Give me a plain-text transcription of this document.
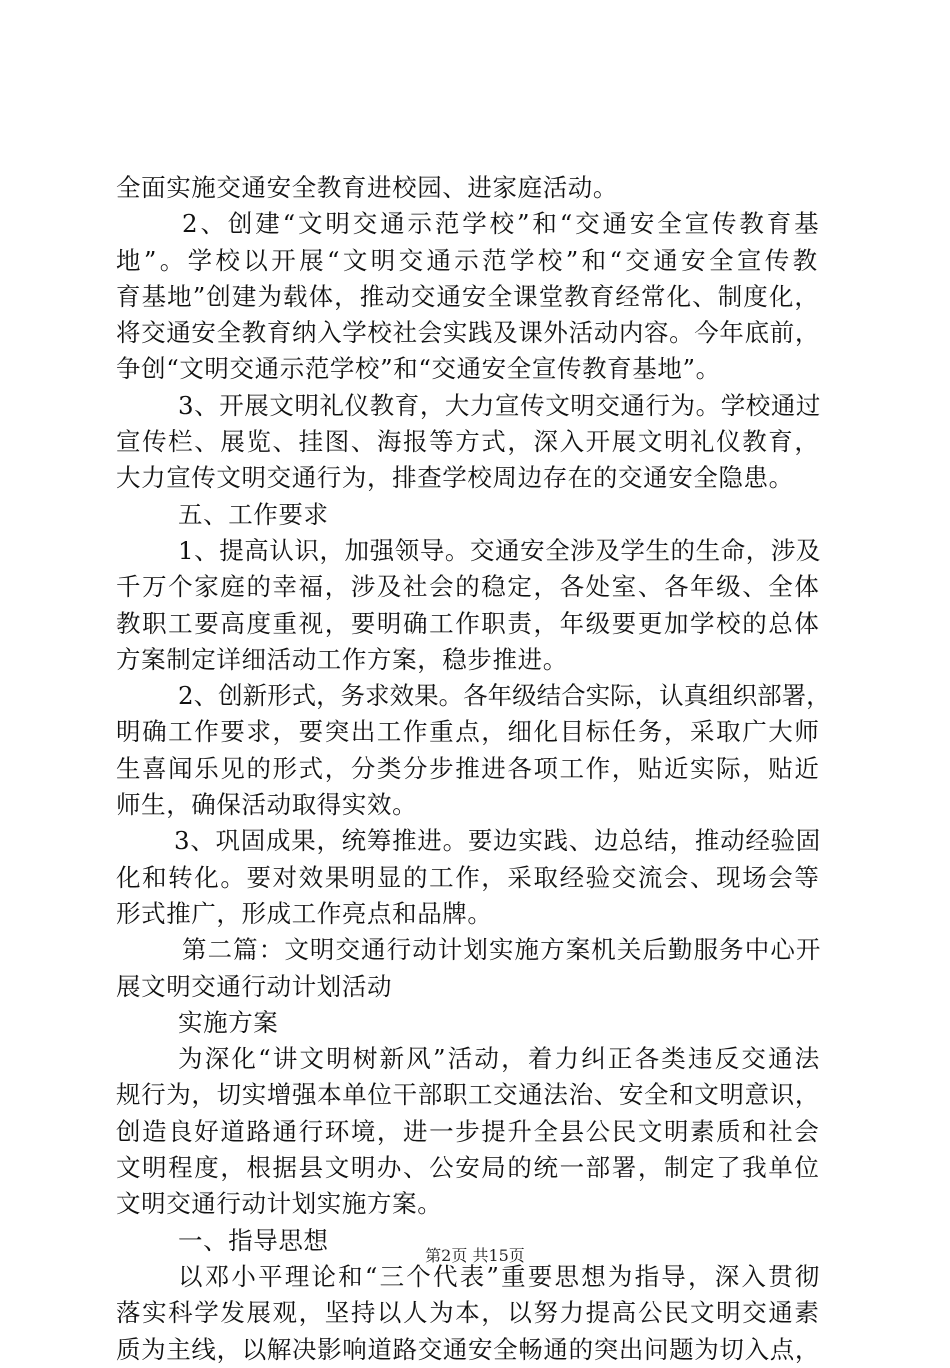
全面实施交通安全教育进校园、进家庭活动。
2、创建“文明交通示范学校”和“交通安全宣传教育基
地”。学校以开展“文明交通示范学校”和“交通安全宣传教
育基地”创建为载体，推动交通安全课堂教育经常化、制度化，
将交通安全教育纳入学校社会实践及课外活动内容。今年底前，
争创“文明交通示范学校”和“交通安全宣传教育基地”。
3、开展文明礼仪教育，大力宣传文明交通行为。学校通过
宣传栏、展览、挂图、海报等方式，深入开展文明礼仪教育，
大力宣传文明交通行为，排查学校周边存在的交通安全隐患。
五、工作要求
1、提高认识，加强领导。交通安全涉及学生的生命，涉及
千万个家庭的幸福，涉及社会的稳定，各处室、各年级、全体
教职工要高度重视，要明确工作职责，年级要更加学校的总体
方案制定详细活动工作方案，稳步推进。
2、创新形式，务求效果。各年级结合实际，认真组织部署，
明确工作要求，要突出工作重点，细化目标任务，采取广大师
生喜闻乐见的形式，分类分步推进各项工作，贴近实际，贴近
师生，确保活动取得实效。
3、巩固成果，统筹推进。要边实践、边总结，推动经验固
化和转化。要对效果明显的工作，采取经验交流会、现场会等
形式推广，形成工作亮点和品牌。
第二篇：文明交通行动计划实施方案机关后勤服务中心开
展文明交通行动计划活动
实施方案
为深化“讲文明树新风”活动，着力纠正各类违反交通法
规行为，切实增强本单位干部职工交通法治、安全和文明意识，
创造良好道路通行环境，进一步提升全县公民文明素质和社会
文明程度，根据县文明办、公安局的统一部署，制定了我单位
文明交通行动计划实施方案。
一、指导思想
以邓小平理论和“三个代表”重要思想为指导，深入贯彻
落实科学发展观，坚持以人为本，以努力提高公民文明交通素
质为主线，以解决影响道路交通安全畅通的突出问题为切入点，
第2页 共15页
